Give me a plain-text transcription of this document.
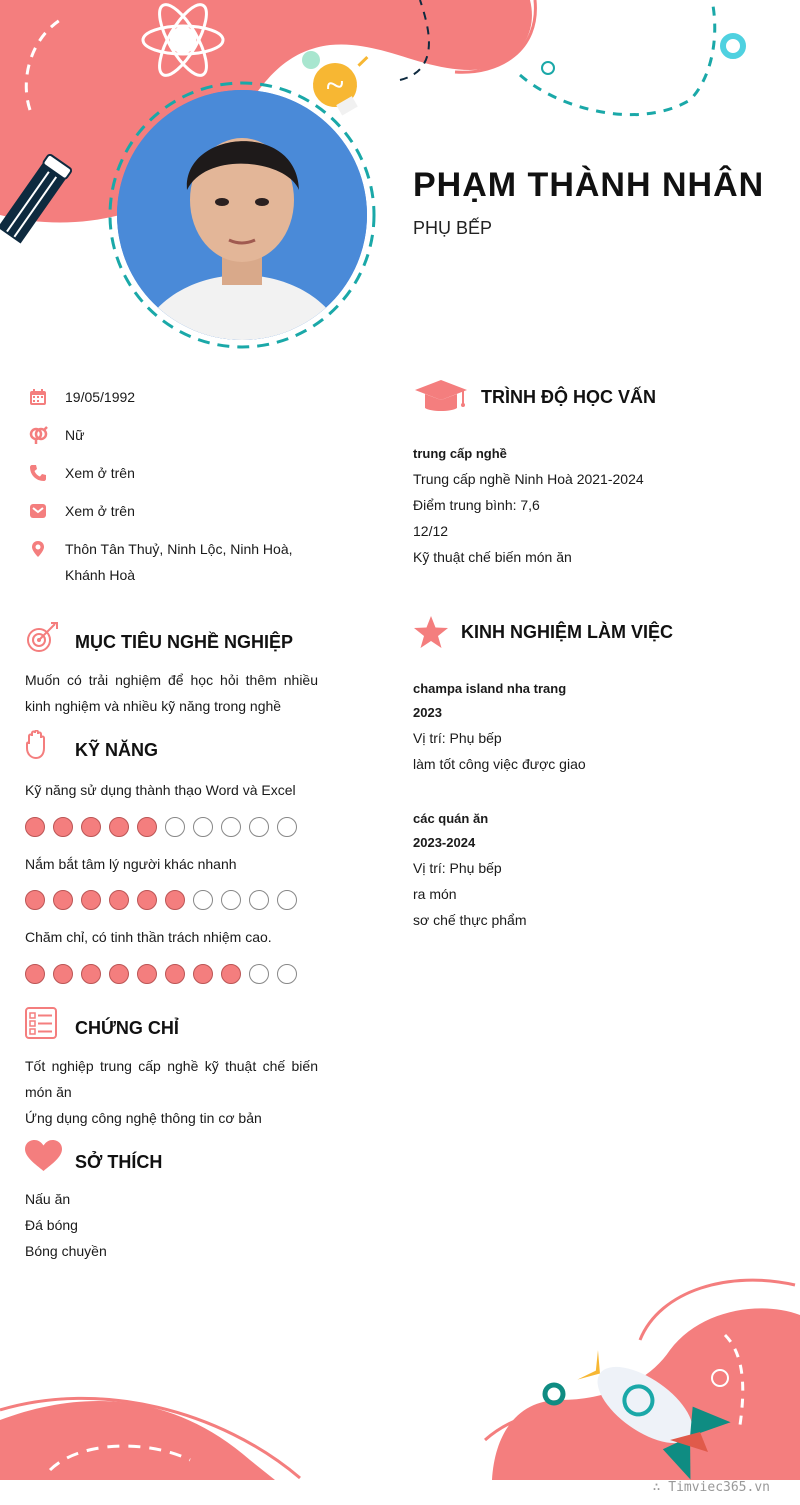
PHẠM THÀNH NHÂN
PHỤ BẾP
19/05/1992
Nữ
Xem ở trên
Xem ở trên
Thôn Tân Thuỷ, Ninh Lộc, Ninh Hoà, Khánh Hoà
MỤC TIÊU NGHỀ NGHIỆP
Muốn có trải nghiệm để học hỏi thêm nhiều kinh nghiệm và nhiều kỹ năng trong nghề
KỸ NĂNG
Kỹ năng sử dụng thành thạo Word và Excel
Nắm bắt tâm lý người khác nhanh
Chăm chỉ, có tinh thần trách nhiệm cao.
CHỨNG CHỈ
Tốt nghiệp trung cấp nghề kỹ thuật chế biến món ăn
Ứng dụng công nghệ thông tin cơ bản
SỞ THÍCH
Nấu ăn
Đá bóng
Bóng chuyền
TRÌNH ĐỘ HỌC VẤN
trung cấp nghề
Trung cấp nghề Ninh Hoà 2021-2024
Điểm trung bình: 7,6
12/12
Kỹ thuật chế biến món ăn
KINH NGHIỆM LÀM VIỆC
champa island nha trang
2023
Vị trí: Phụ bếp
làm tốt công việc được giao
các quán ăn
2023-2024
Vị trí: Phụ bếp
ra món
sơ chế thực phẩm
∴ Timviec365.vn
